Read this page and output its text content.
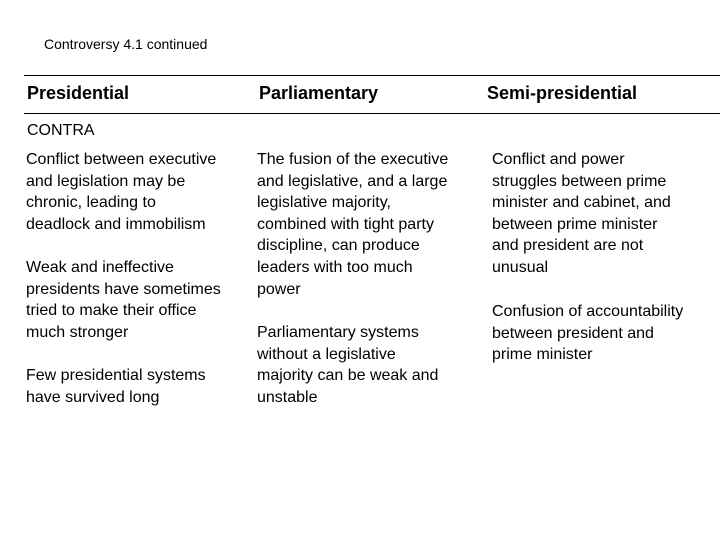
Controversy 4.1 continued
Presidential	Parliamentary	Semi-presidential
CONTRA
Conflict between executive
and legislation may be
chronic, leading to
deadlock and immobilism
Weak and ineffective
presidents have sometimes
tried to make their office
much stronger
Few presidential systems
have survived long
The fusion of the executive
and legislative, and a large
legislative majority,
combined with tight party
discipline, can produce
leaders with too much
power
Parliamentary systems
without a legislative
majority can be weak and
unstable
Conflict and power
struggles between prime
minister and cabinet, and
between prime minister
and president are not
unusual
Confusion of accountability
between president and
prime minister
